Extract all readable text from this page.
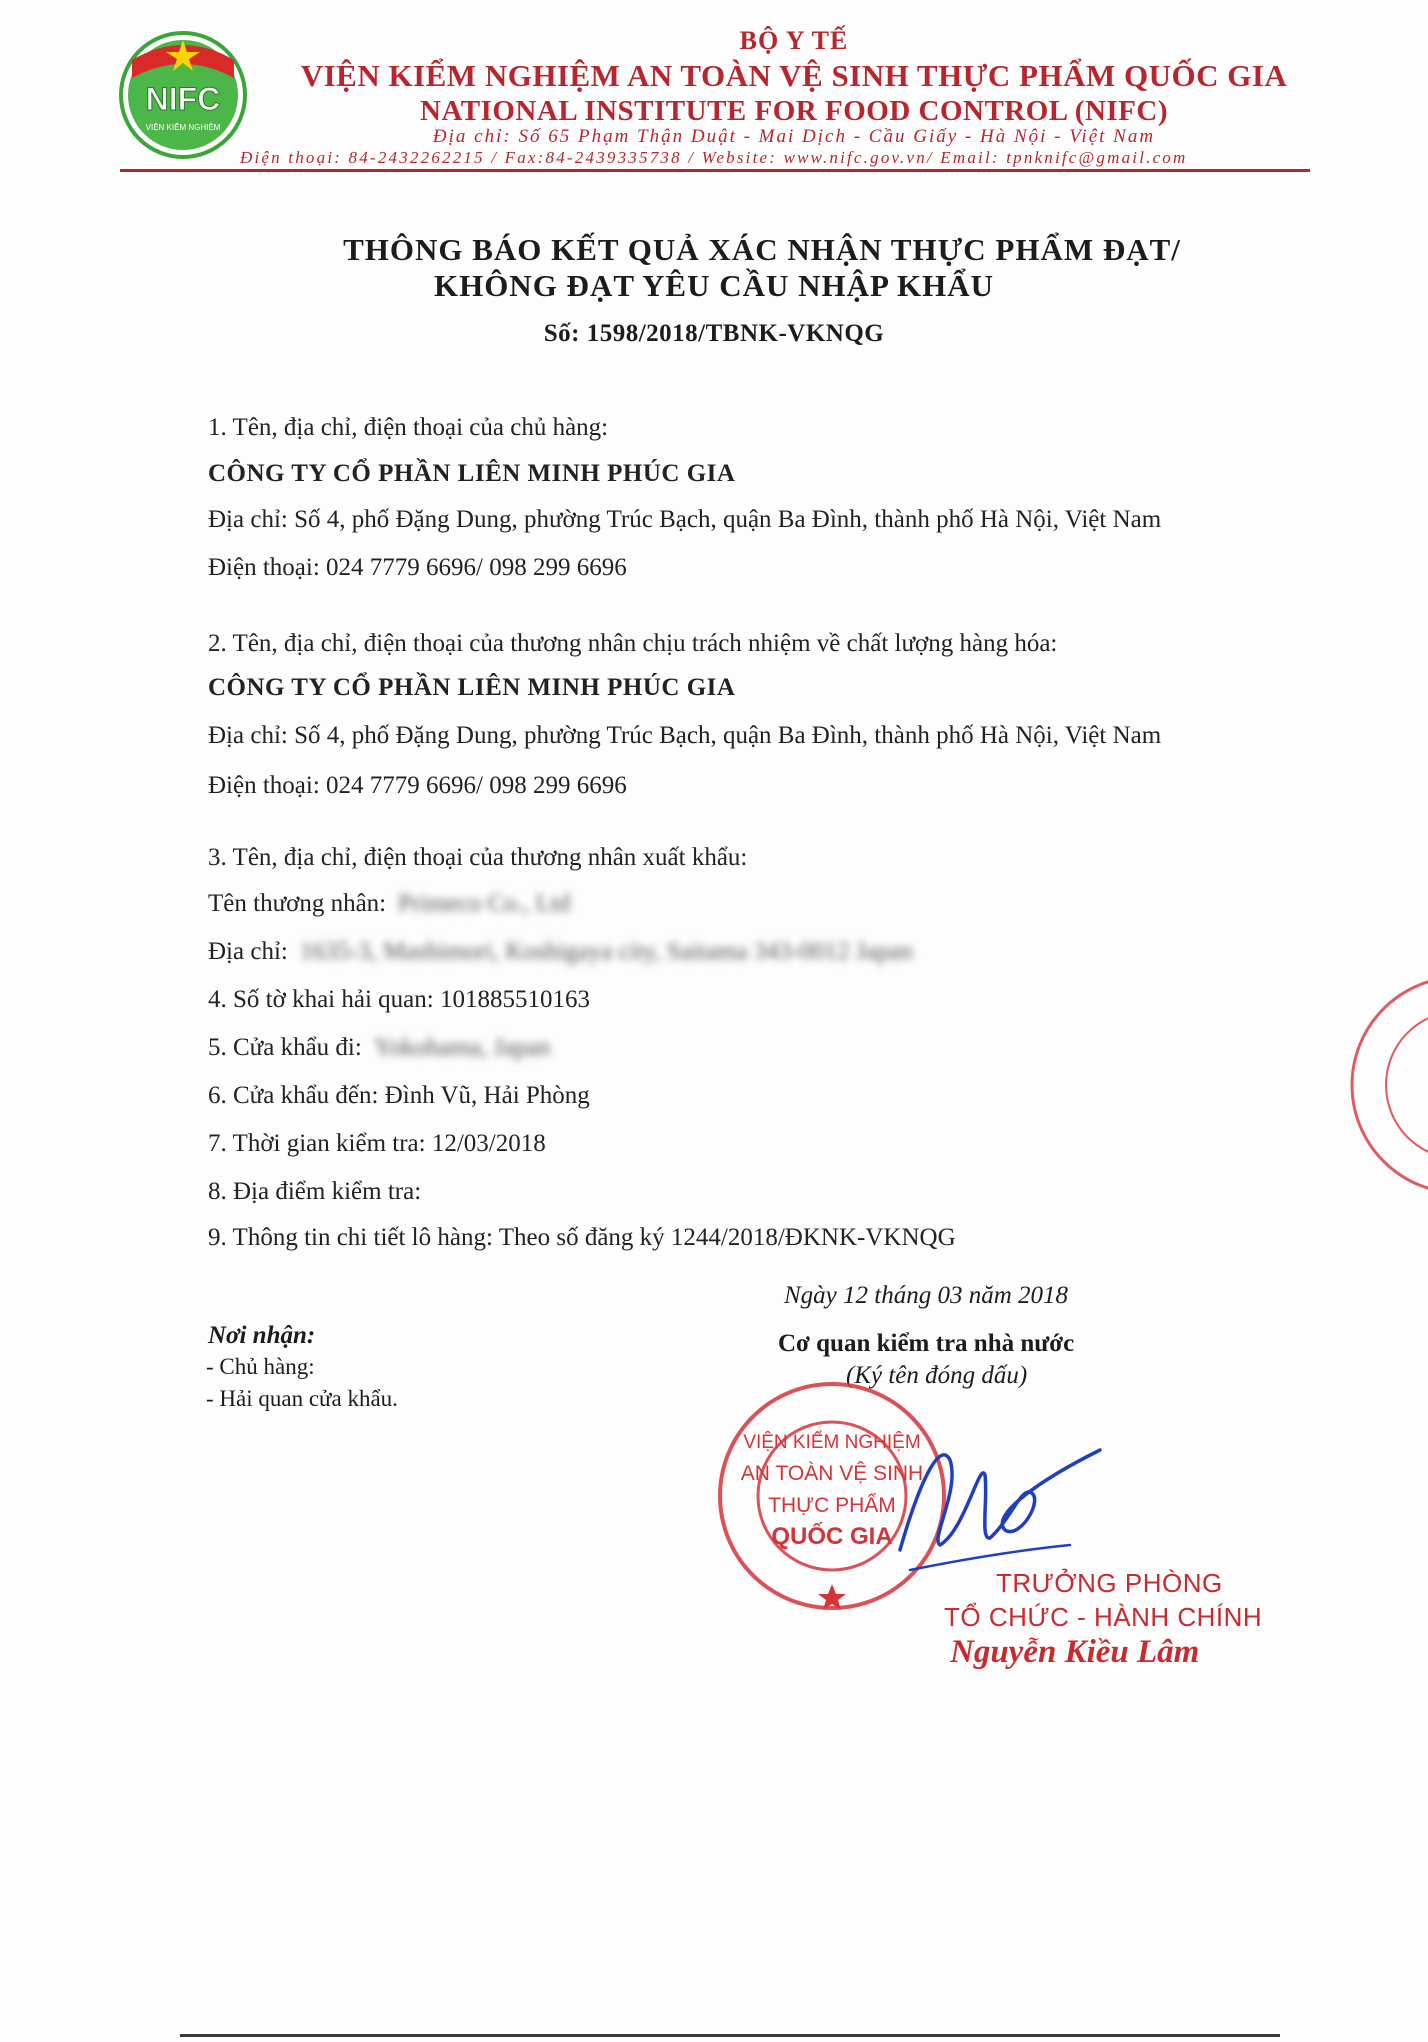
NIFC
VIỆN KIỂM NGHIỆM
BỘ Y TẾ
VIỆN KIỂM NGHIỆM AN TOÀN VỆ SINH THỰC PHẨM QUỐC GIA
NATIONAL INSTITUTE FOR FOOD CONTROL (NIFC)
Địa chỉ: Số 65 Phạm Thận Duật - Mai Dịch - Cầu Giấy - Hà Nội - Việt Nam
Điện thoại: 84-2432262215 / Fax:84-2439335738 / Website: www.nifc.gov.vn/ Email: tpnknifc@gmail.com
THÔNG BÁO KẾT QUẢ XÁC NHẬN THỰC PHẨM ĐẠT/
KHÔNG ĐẠT YÊU CẦU NHẬP KHẨU
Số: 1598/2018/TBNK-VKNQG
1. Tên, địa chỉ, điện thoại của chủ hàng:
CÔNG TY CỔ PHẦN LIÊN MINH PHÚC GIA
Địa chỉ: Số 4, phố Đặng Dung, phường Trúc Bạch, quận Ba Đình, thành phố Hà Nội, Việt Nam
Điện thoại: 024 7779 6696/ 098 299 6696
2. Tên, địa chỉ, điện thoại của thương nhân chịu trách nhiệm về chất lượng hàng hóa:
CÔNG TY CỔ PHẦN LIÊN MINH PHÚC GIA
Địa chỉ: Số 4, phố Đặng Dung, phường Trúc Bạch, quận Ba Đình, thành phố Hà Nội, Việt Nam
Điện thoại: 024 7779 6696/ 098 299 6696
3. Tên, địa chỉ, điện thoại của thương nhân xuất khẩu:
Tên thương nhân: Primeco Co., Ltd
Địa chỉ: 1635-3, Mashimori, Koshigaya city, Saitama 343-0012 Japan
4. Số tờ khai hải quan: 101885510163
5. Cửa khẩu đi: Yokohama, Japan
6. Cửa khẩu đến: Đình Vũ, Hải Phòng
7. Thời gian kiểm tra: 12/03/2018
8. Địa điểm kiểm tra:
9. Thông tin chi tiết lô hàng: Theo số đăng ký 1244/2018/ĐKNK-VKNQG
Ngày 12 tháng 03 năm 2018
Cơ quan kiểm tra nhà nước
(Ký tên đóng dấu)
Nơi nhận:
- Chủ hàng:
- Hải quan cửa khẩu.
VIỆN KIỂM NGHIỆM
AN TOÀN VỆ SINH
THỰC PHẨM
QUỐC GIA
TRƯỞNG PHÒNG
TỔ CHỨC - HÀNH CHÍNH
Nguyễn Kiều Lâm
